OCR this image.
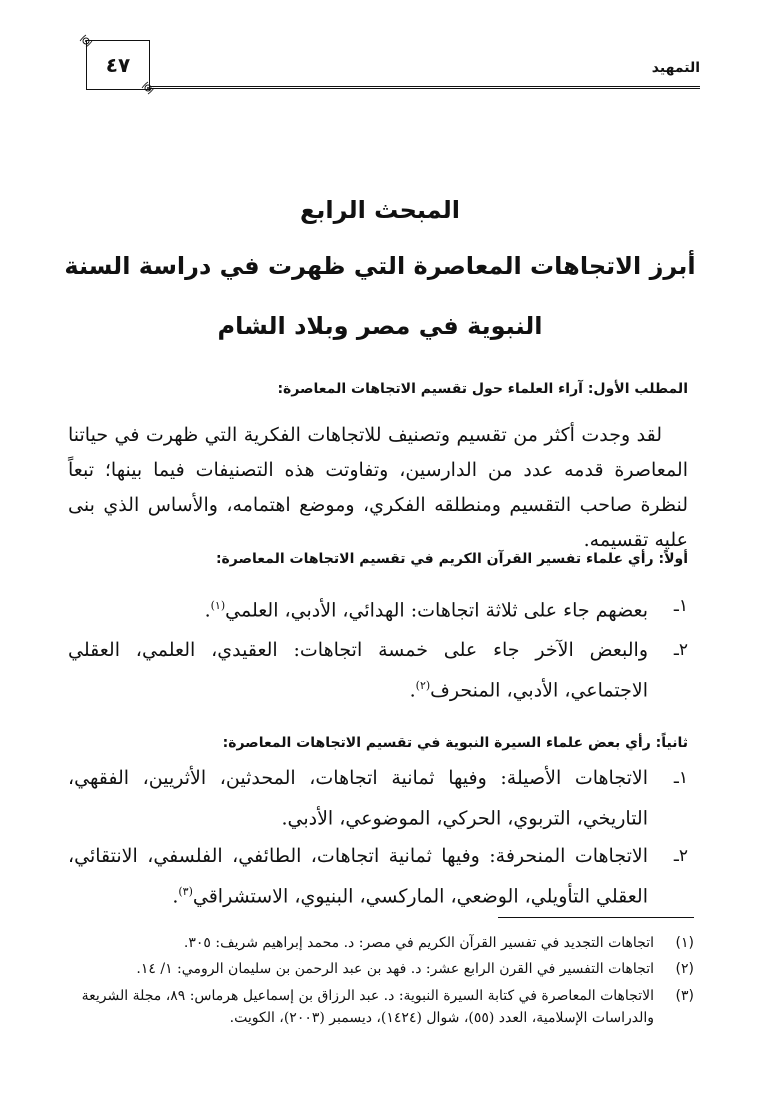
التمهيد
٤٧
المبحث الرابع
أبرز الاتجاهات المعاصرة التي ظهرت في دراسة السنة
النبوية في مصر وبلاد الشام
المطلب الأول: آراء العلماء حول تقسيم الاتجاهات المعاصرة:
لقد وجدت أكثر من تقسيم وتصنيف للاتجاهات الفكرية التي ظهرت في حياتنا المعاصرة قدمه عدد من الدارسين، وتفاوتت هذه التصنيفات فيما بينها؛ تبعاً لنظرة صاحب التقسيم ومنطلقه الفكري، وموضع اهتمامه، والأساس الذي بنى عليه تقسيمه.
أولاً: رأي علماء تفسير القرآن الكريم في تقسيم الاتجاهات المعاصرة:
١ـ
بعضهم جاء على ثلاثة اتجاهات: الهدائي، الأدبي، العلمي$^{(١)}$.
٢ـ
والبعض الآخر جاء على خمسة اتجاهات: العقيدي، العلمي، العقلي الاجتماعي، الأدبي، المنحرف$^{(٢)}$.
ثانياً: رأي بعض علماء السيرة النبوية في تقسيم الاتجاهات المعاصرة:
١ـ
الاتجاهات الأصيلة: وفيها ثمانية اتجاهات، المحدثين، الأثريين، الفقهي، التاريخي، التربوي، الحركي، الموضوعي، الأدبي.
٢ـ
الاتجاهات المنحرفة: وفيها ثمانية اتجاهات، الطائفي، الفلسفي، الانتقائي، العقلي التأويلي، الوضعي، الماركسي، البنيوي، الاستشراقي$^{(٣)}$.
(١)
اتجاهات التجديد في تفسير القرآن الكريم في مصر: د. محمد إبراهيم شريف: ٣٠٥.
(٢)
اتجاهات التفسير في القرن الرابع عشر: د. فهد بن عبد الرحمن بن سليمان الرومي: ١/ ١٤.
(٣)
الاتجاهات المعاصرة في كتابة السيرة النبوية: د. عبد الرزاق بن إسماعيل هرماس: ٨٩، مجلة الشريعة والدراسات الإسلامية، العدد (٥٥)، شوال (١٤٢٤)، ديسمبر (٢٠٠٣)، الكويت.
